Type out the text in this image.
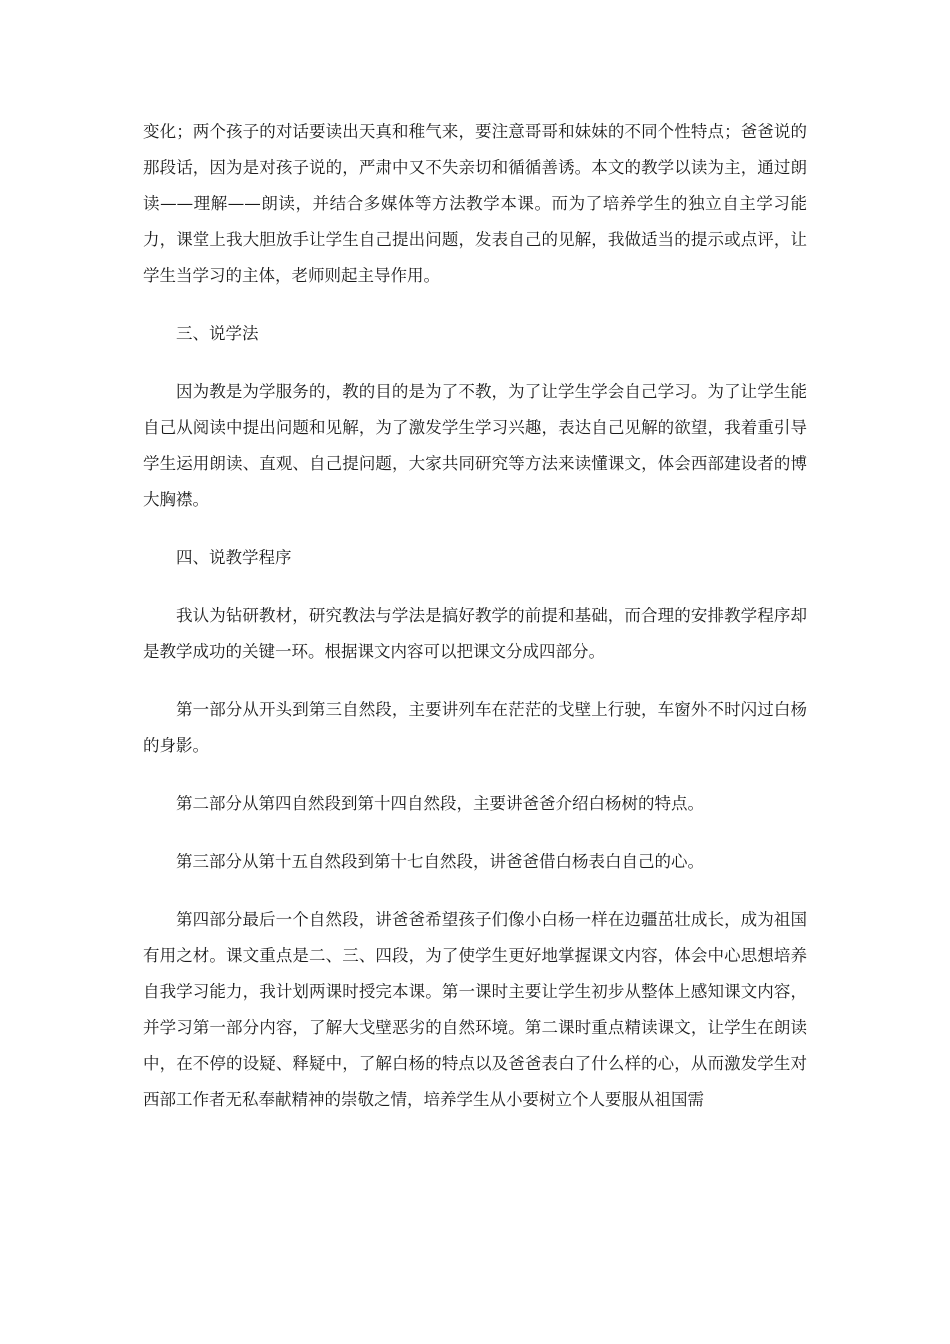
变化；两个孩子的对话要读出天真和稚气来，要注意哥哥和妹妹的不同个性特点；爸爸说的那段话，因为是对孩子说的，严肃中又不失亲切和循循善诱。本文的教学以读为主，通过朗读——理解——朗读，并结合多媒体等方法教学本课。而为了培养学生的独立自主学习能力，课堂上我大胆放手让学生自己提出问题，发表自己的见解，我做适当的提示或点评，让学生当学习的主体，老师则起主导作用。

三、说学法

因为教是为学服务的，教的目的是为了不教，为了让学生学会自己学习。为了让学生能自己从阅读中提出问题和见解，为了激发学生学习兴趣，表达自己见解的欲望，我着重引导学生运用朗读、直观、自己提问题，大家共同研究等方法来读懂课文，体会西部建设者的博大胸襟。

四、说教学程序

我认为钻研教材，研究教法与学法是搞好教学的前提和基础，而合理的安排教学程序却是教学成功的关键一环。根据课文内容可以把课文分成四部分。

第一部分从开头到第三自然段，主要讲列车在茫茫的戈壁上行驶，车窗外不时闪过白杨的身影。

第二部分从第四自然段到第十四自然段，主要讲爸爸介绍白杨树的特点。

第三部分从第十五自然段到第十七自然段，讲爸爸借白杨表白自己的心。

第四部分最后一个自然段，讲爸爸希望孩子们像小白杨一样在边疆茁壮成长，成为祖国有用之材。课文重点是二、三、四段，为了使学生更好地掌握课文内容，体会中心思想培养自我学习能力，我计划两课时授完本课。第一课时主要让学生初步从整体上感知课文内容，并学习第一部分内容，了解大戈壁恶劣的自然环境。第二课时重点精读课文，让学生在朗读中，在不停的设疑、释疑中，了解白杨的特点以及爸爸表白了什么样的心，从而激发学生对西部工作者无私奉献精神的崇敬之情，培养学生从小要树立个人要服从祖国需
